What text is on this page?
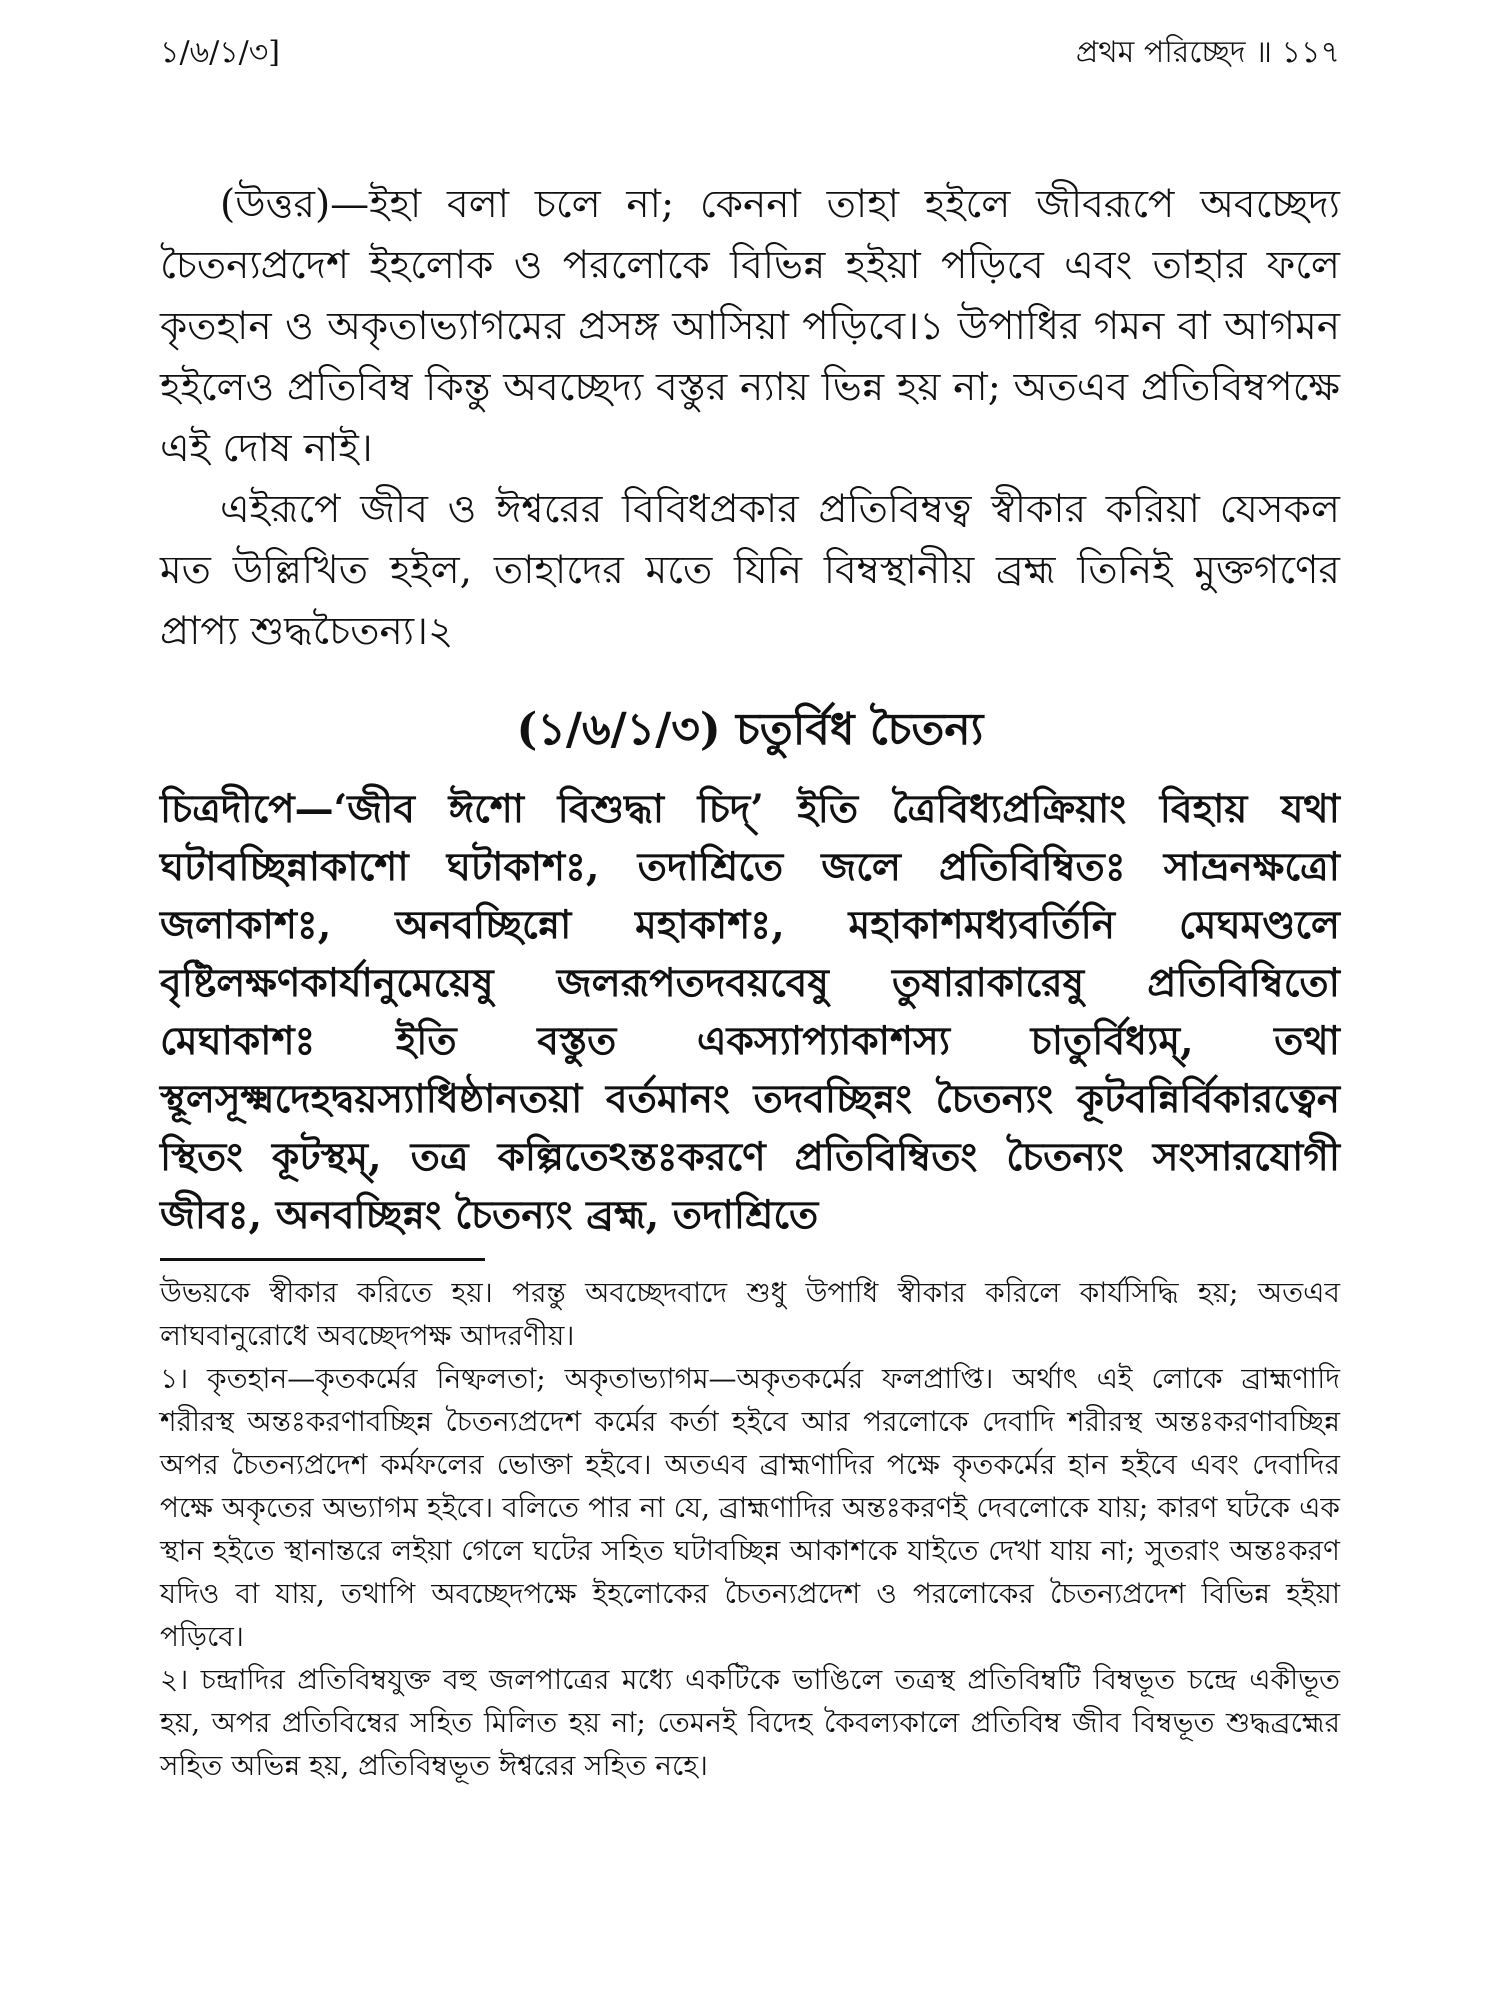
১/৬/১/৩]	প্রথম পরিচ্ছেদ ॥ ১১৭

(উত্তর)—ইহা বলা চলে না; কেননা তাহা হইলে জীবরূপে অবচ্ছেদ্য চৈতন্যপ্রদেশ ইহলোক ও পরলোকে বিভিন্ন হইয়া পড়িবে এবং তাহার ফলে কৃতহান ও অকৃতাভ্যাগমের প্রসঙ্গ আসিয়া পড়িবে।১ উপাধির গমন বা আগমন হইলেও প্রতিবিম্ব কিন্তু অবচ্ছেদ্য বস্তুর ন্যায় ভিন্ন হয় না; অতএব প্রতিবিম্বপক্ষে এই দোষ নাই।

এইরূপে জীব ও ঈশ্বরের বিবিধপ্রকার প্রতিবিম্বত্ব স্বীকার করিয়া যেসকল মত উল্লিখিত হইল, তাহাদের মতে যিনি বিম্বস্থানীয় ব্রহ্ম তিনিই মুক্তগণের প্রাপ্য শুদ্ধচৈতন্য।২

(১/৬/১/৩) চতুর্বিধ চৈতন্য

চিত্রদীপে—‘জীব ঈশো বিশুদ্ধা চিদ্’ ইতি ত্রৈবিধ্যপ্রক্রিয়াং বিহায় যথা ঘটাবচ্ছিন্নাকাশো ঘটাকাশঃ, তদাশ্রিতে জলে প্রতিবিম্বিতঃ সাভ্রনক্ষত্রো জলাকাশঃ, অনবচ্ছিন্নো মহাকাশঃ, মহাকাশমধ্যবর্তিনি মেঘমণ্ডলে বৃষ্টিলক্ষণকার্যানুমেয়েষু জলরূপতদবয়বেষু তুষারাকারেষু প্রতিবিম্বিতো মেঘাকাশঃ ইতি বস্তুত একস্যাপ্যাকাশস্য চাতুর্বিধ্যম্, তথা স্থূলসূক্ষ্মদেহদ্বয়স্যাধিষ্ঠানতয়া বর্তমানং তদবচ্ছিন্নং চৈতন্যং কূটবন্নির্বিকারত্বেন স্থিতং কূটস্থম্, তত্র কল্পিতেঽন্তঃকরণে প্রতিবিম্বিতং চৈতন্যং সংসারযোগী জীবঃ, অনবচ্ছিন্নং চৈতন্যং ব্রহ্ম, তদাশ্রিতে

উভয়কে স্বীকার করিতে হয়। পরন্তু অবচ্ছেদবাদে শুধু উপাধি স্বীকার করিলে কার্যসিদ্ধি হয়; অতএব লাঘবানুরোধে অবচ্ছেদপক্ষ আদরণীয়।

১। কৃতহান—কৃতকর্মের নিষ্ফলতা; অকৃতাভ্যাগম—অকৃতকর্মের ফলপ্রাপ্তি। অর্থাৎ এই লোকে ব্রাহ্মণাদি শরীরস্থ অন্তঃকরণাবচ্ছিন্ন চৈতন্যপ্রদেশ কর্মের কর্তা হইবে আর পরলোকে দেবাদি শরীরস্থ অন্তঃকরণাবচ্ছিন্ন অপর চৈতন্যপ্রদেশ কর্মফলের ভোক্তা হইবে। অতএব ব্রাহ্মণাদির পক্ষে কৃতকর্মের হান হইবে এবং দেবাদির পক্ষে অকৃতের অভ্যাগম হইবে। বলিতে পার না যে, ব্রাহ্মণাদির অন্তঃকরণই দেবলোকে যায়; কারণ ঘটকে এক স্থান হইতে স্থানান্তরে লইয়া গেলে ঘটের সহিত ঘটাবচ্ছিন্ন আকাশকে যাইতে দেখা যায় না; সুতরাং অন্তঃকরণ যদিও বা যায়, তথাপি অবচ্ছেদপক্ষে ইহলোকের চৈতন্যপ্রদেশ ও পরলোকের চৈতন্যপ্রদেশ বিভিন্ন হইয়া পড়িবে।

২। চন্দ্রাদির প্রতিবিম্বযুক্ত বহু জলপাত্রের মধ্যে একটিকে ভাঙিলে তত্রস্থ প্রতিবিম্বটি বিম্বভূত চন্দ্রে একীভূত হয়, অপর প্রতিবিম্বের সহিত মিলিত হয় না; তেমনই বিদেহ কৈবল্যকালে প্রতিবিম্ব জীব বিম্বভূত শুদ্ধব্রহ্মের সহিত অভিন্ন হয়, প্রতিবিম্বভূত ঈশ্বরের সহিত নহে।
